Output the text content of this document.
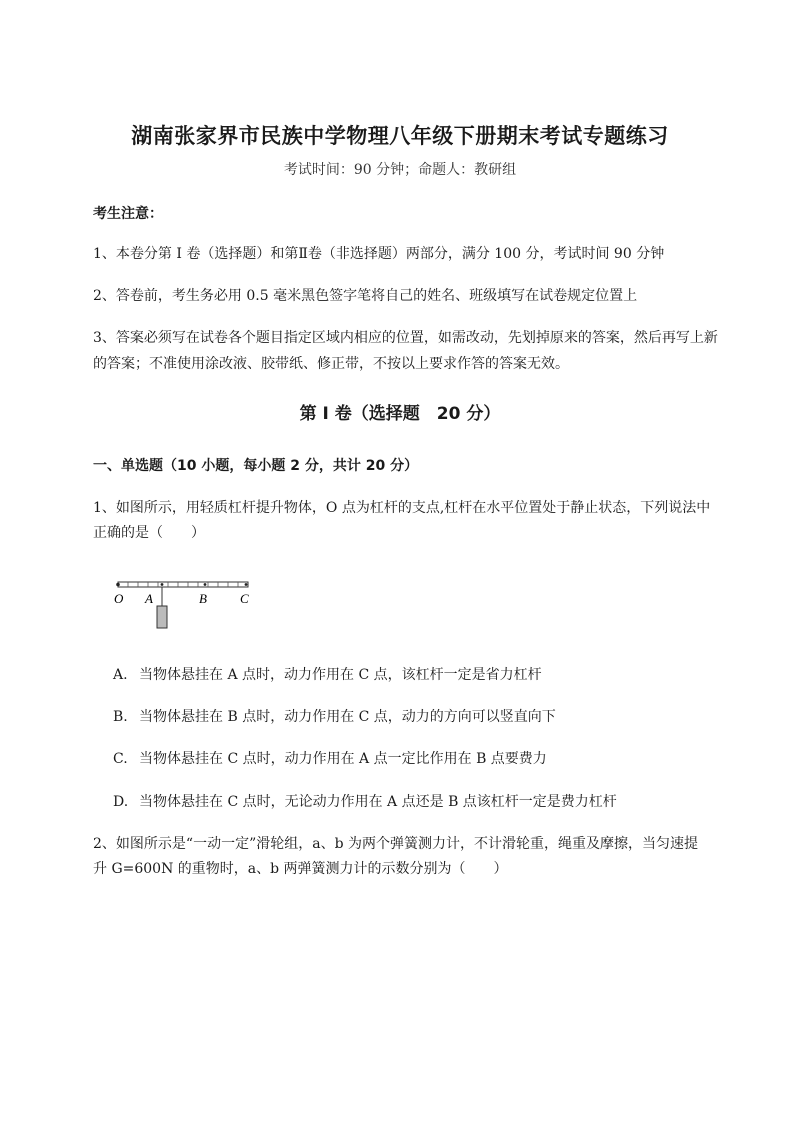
湖南张家界市民族中学物理八年级下册期末考试专题练习
考试时间：90 分钟；命题人：教研组
考生注意：
1、本卷分第 I 卷（选择题）和第Ⅱ卷（非选择题）两部分，满分 100 分，考试时间 90 分钟
2、答卷前，考生务必用 0.5 毫米黑色签字笔将自己的姓名、班级填写在试卷规定位置上
3、答案必须写在试卷各个题目指定区域内相应的位置，如需改动，先划掉原来的答案，然后再写上新
的答案；不准使用涂改液、胶带纸、修正带，不按以上要求作答的答案无效。
第 I 卷（选择题　20 分）
一、单选题（10 小题，每小题 2 分，共计 20 分）
1、如图所示，用轻质杠杆提升物体，O 点为杠杆的支点,杠杆在水平位置处于静止状态，下列说法中
正确的是（　　）
O A	B	C
A. 当物体悬挂在 A 点时，动力作用在 C 点，该杠杆一定是省力杠杆
B. 当物体悬挂在 B 点时，动力作用在 C 点，动力的方向可以竖直向下
C. 当物体悬挂在 C 点时，动力作用在 A 点一定比作用在 B 点要费力
D. 当物体悬挂在 C 点时，无论动力作用在 A 点还是 B 点该杠杆一定是费力杠杆
2、如图所示是“一动一定”滑轮组，a、b 为两个弹簧测力计，不计滑轮重，绳重及摩擦，当匀速提
升 G=600N 的重物时，a、b 两弹簧测力计的示数分别为（　　）
